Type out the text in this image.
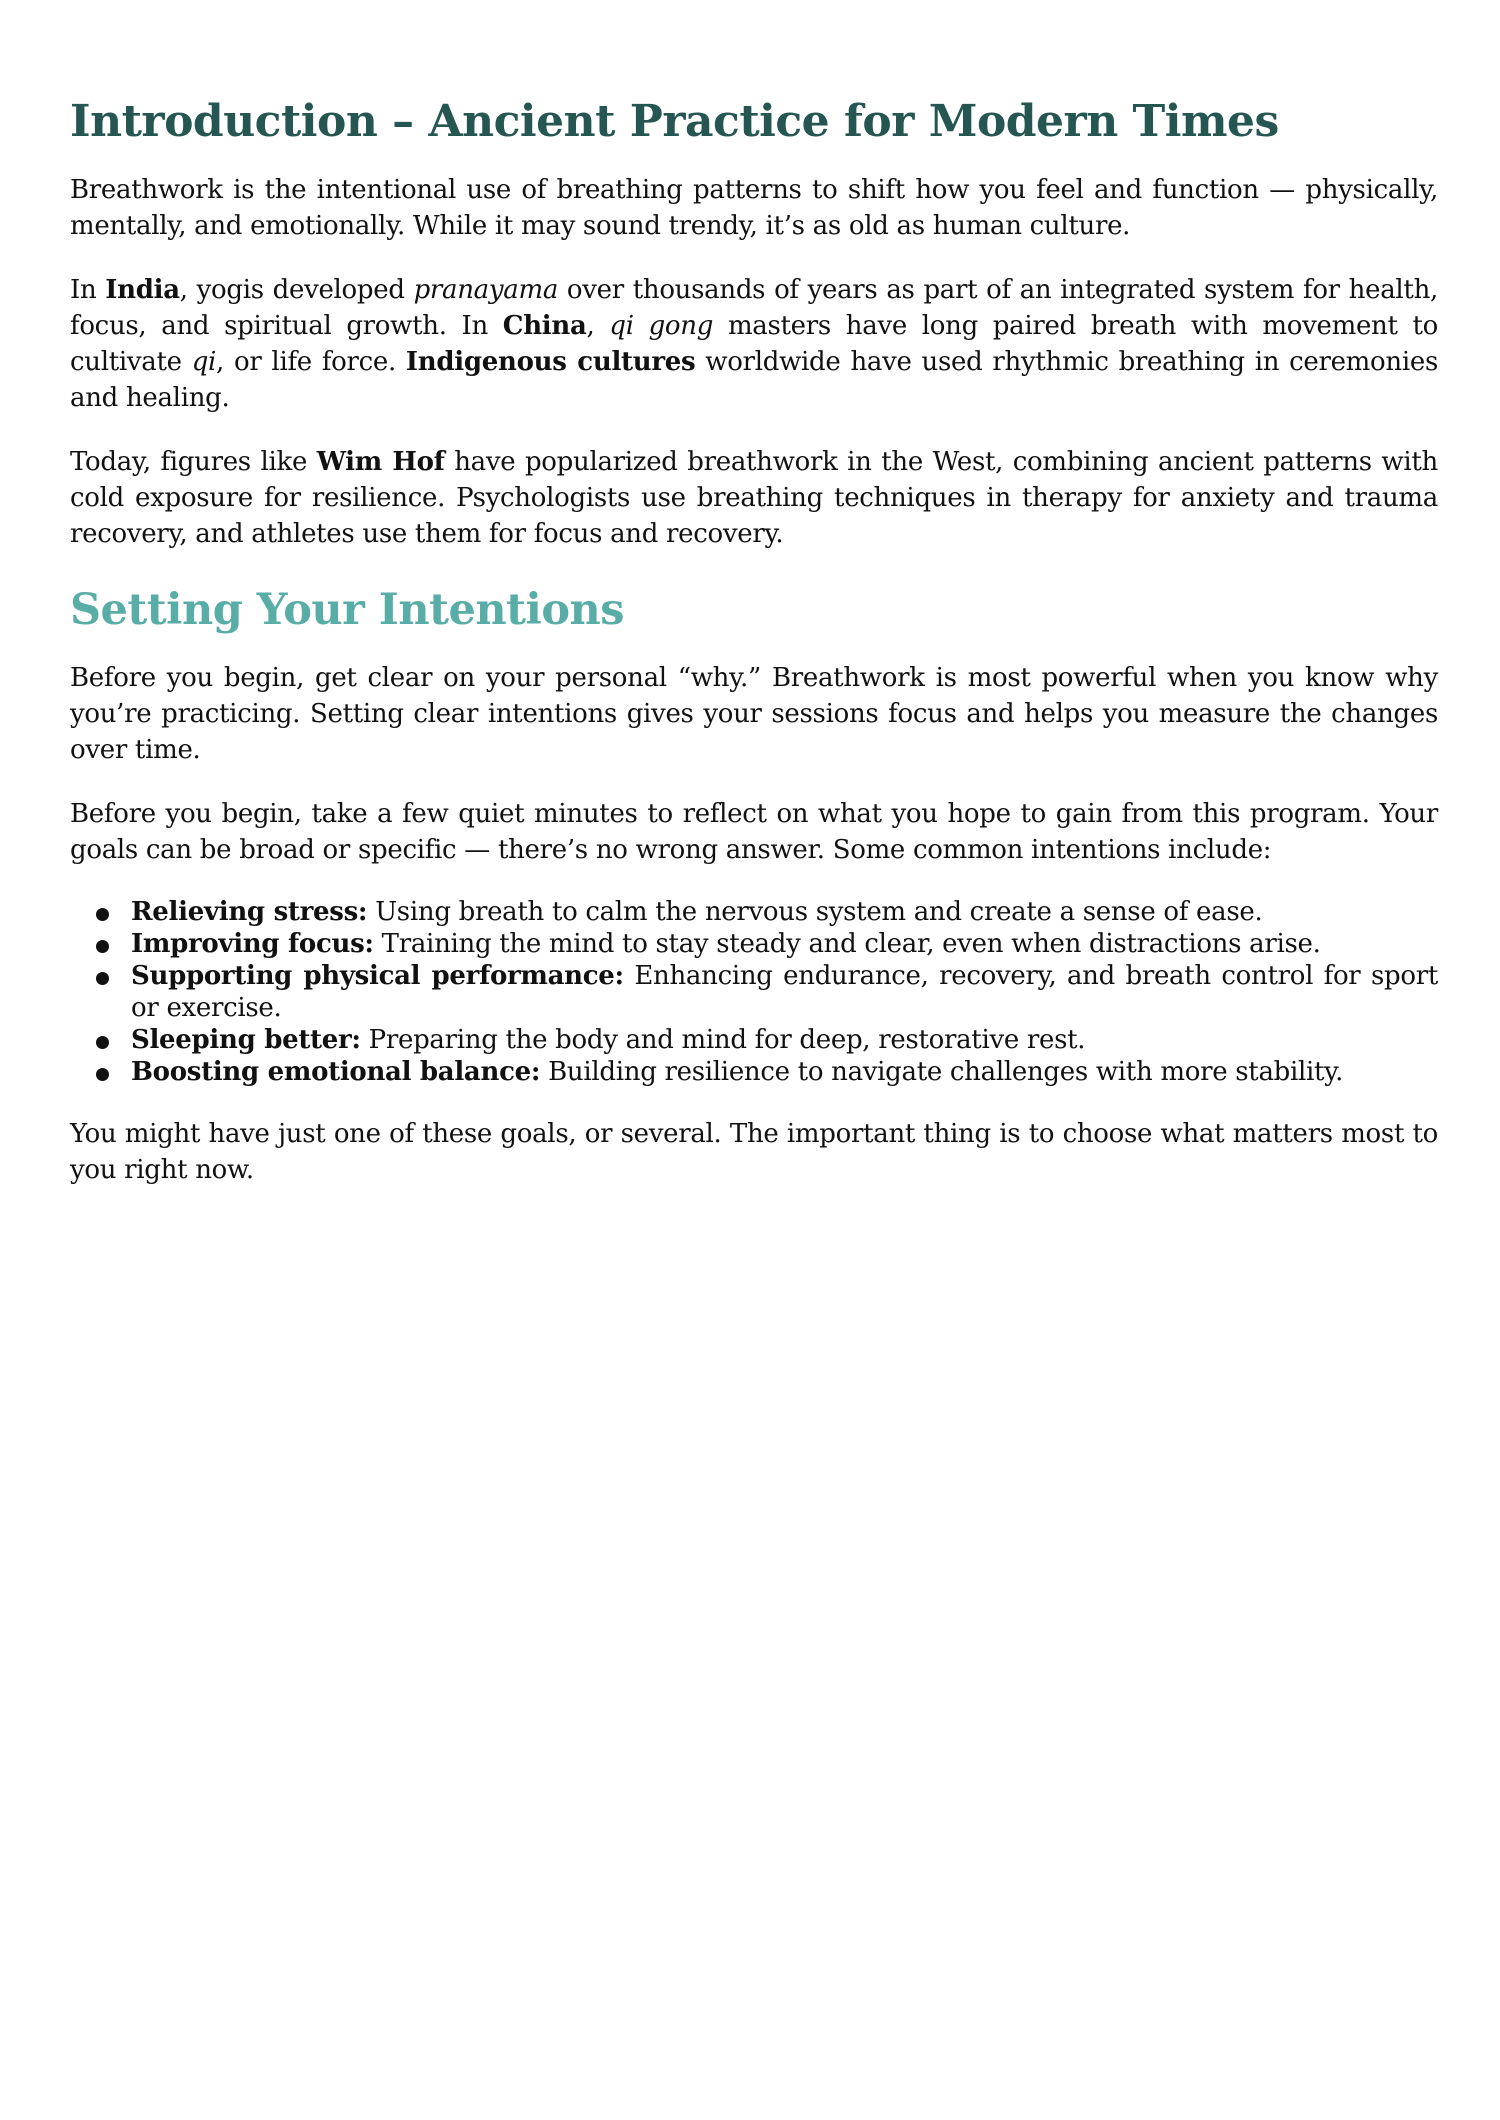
Introduction – Ancient Practice for Modern Times

Breathwork is the intentional use of breathing patterns to shift how you feel and function — physically, mentally, and emotionally. While it may sound trendy, it’s as old as human culture.

In India, yogis developed pranayama over thousands of years as part of an integrated system for health, focus, and spiritual growth. In China, qi gong masters have long paired breath with movement to cultivate qi, or life force. Indigenous cultures worldwide have used rhythmic breathing in ceremonies and healing.

Today, figures like Wim Hof have popularized breathwork in the West, combining ancient patterns with cold exposure for resilience. Psychologists use breathing techniques in therapy for anxiety and trauma recovery, and athletes use them for focus and recovery.

Setting Your Intentions

Before you begin, get clear on your personal “why.” Breathwork is most powerful when you know why you’re practicing. Setting clear intentions gives your sessions focus and helps you measure the changes over time.

Before you begin, take a few quiet minutes to reflect on what you hope to gain from this program. Your goals can be broad or specific — there’s no wrong answer. Some common intentions include:

Relieving stress: Using breath to calm the nervous system and create a sense of ease.
Improving focus: Training the mind to stay steady and clear, even when distractions arise.
Supporting physical performance: Enhancing endurance, recovery, and breath control for sport or exercise.
Sleeping better: Preparing the body and mind for deep, restorative rest.
Boosting emotional balance: Building resilience to navigate challenges with more stability.

You might have just one of these goals, or several. The important thing is to choose what matters most to you right now.
